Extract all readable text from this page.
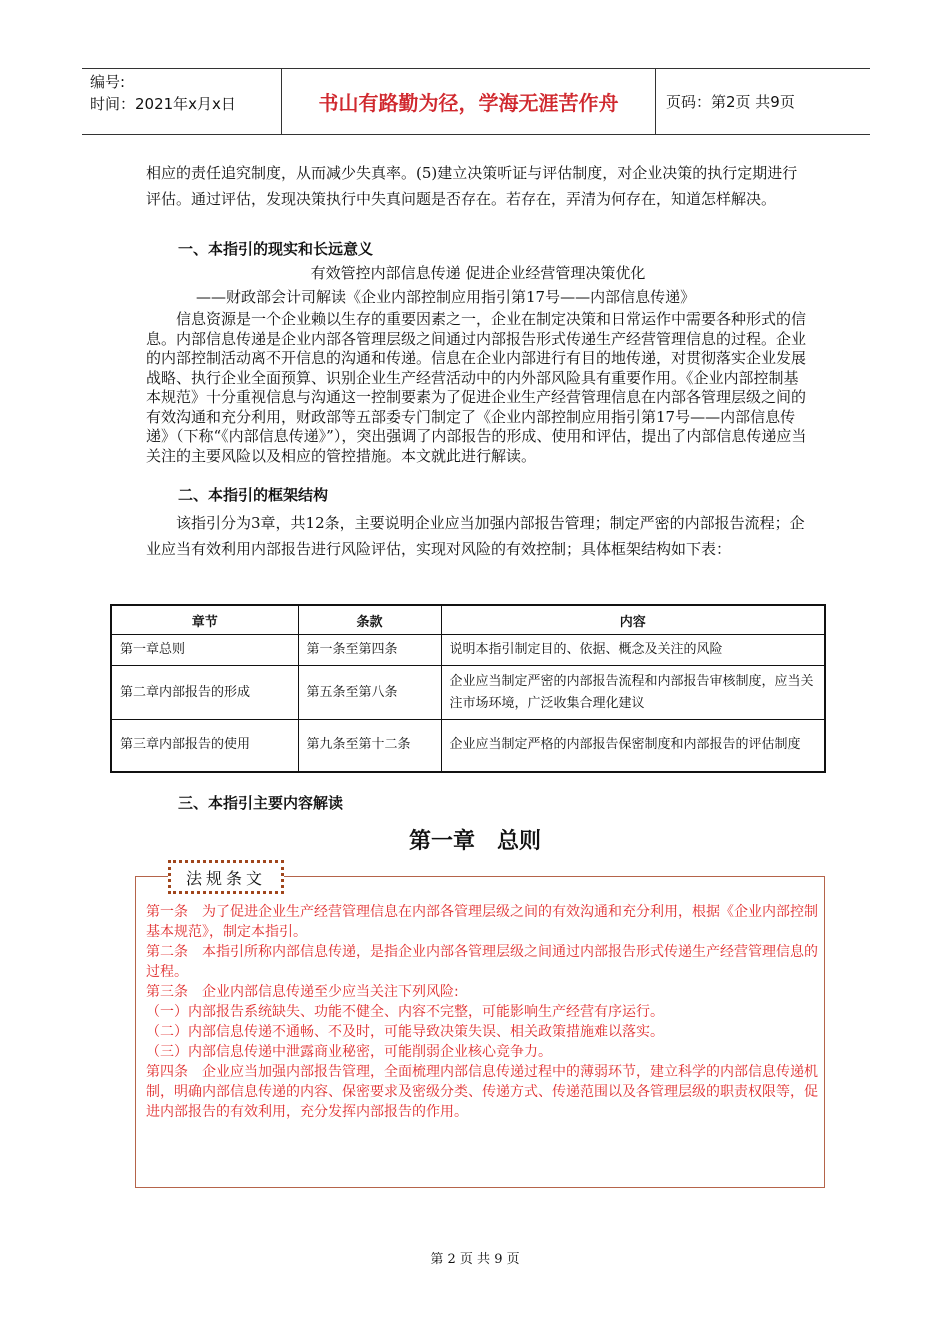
编号:
时间：2021年x月x日	书山有路勤为径，学海无涯苦作舟	页码：第2页 共9页

相应的责任追究制度，从而减少失真率。(5)建立决策听证与评估制度，对企业决策的执行定期进行评估。通过评估，发现决策执行中失真问题是否存在。若存在，弄清为何存在，知道怎样解决。

一、本指引的现实和长远意义

有效管控内部信息传递 促进企业经营管理决策优化

——财政部会计司解读《企业内部控制应用指引第17号——内部信息传递》

信息资源是一个企业赖以生存的重要因素之一，企业在制定决策和日常运作中需要各种形式的信息。内部信息传递是企业内部各管理层级之间通过内部报告形式传递生产经营管理信息的过程。企业的内部控制活动离不开信息的沟通和传递。信息在企业内部进行有目的地传递，对贯彻落实企业发展战略、执行企业全面预算、识别企业生产经营活动中的内外部风险具有重要作用。《企业内部控制基本规范》十分重视信息与沟通这一控制要素为了促进企业生产经营管理信息在内部各管理层级之间的有效沟通和充分利用，财政部等五部委专门制定了《企业内部控制应用指引第17号——内部信息传递》（下称“《内部信息传递》”），突出强调了内部报告的形成、使用和评估，提出了内部信息传递应当关注的主要风险以及相应的管控措施。本文就此进行解读。

二、本指引的框架结构

该指引分为3章，共12条，主要说明企业应当加强内部报告管理；制定严密的内部报告流程；企业应当有效利用内部报告进行风险评估，实现对风险的有效控制；具体框架结构如下表：

章节	条款	内容
第一章总则	第一条至第四条	说明本指引制定目的、依据、概念及关注的风险
第二章内部报告的形成	第五条至第八条	企业应当制定严密的内部报告流程和内部报告审核制度，应当关注市场环境，广泛收集合理化建议
第三章内部报告的使用	第九条至第十二条	企业应当制定严格的内部报告保密制度和内部报告的评估制度

三、本指引主要内容解读

第一章　总则
法规条文
第一条　为了促进企业生产经营管理信息在内部各管理层级之间的有效沟通和充分利用，根据《企业内部控制基本规范》，制定本指引。
第二条　本指引所称内部信息传递，是指企业内部各管理层级之间通过内部报告形式传递生产经营管理信息的过程。
第三条　企业内部信息传递至少应当关注下列风险:
（一）内部报告系统缺失、功能不健全、内容不完整，可能影响生产经营有序运行。
（二）内部信息传递不通畅、不及时，可能导致决策失误、相关政策措施难以落实。
（三）内部信息传递中泄露商业秘密，可能削弱企业核心竞争力。
第四条　企业应当加强内部报告管理，全面梳理内部信息传递过程中的薄弱环节，建立科学的内部信息传递机制，明确内部信息传递的内容、保密要求及密级分类、传递方式、传递范围以及各管理层级的职责权限等，促进内部报告的有效利用，充分发挥内部报告的作用。
第 2 页 共 9 页
